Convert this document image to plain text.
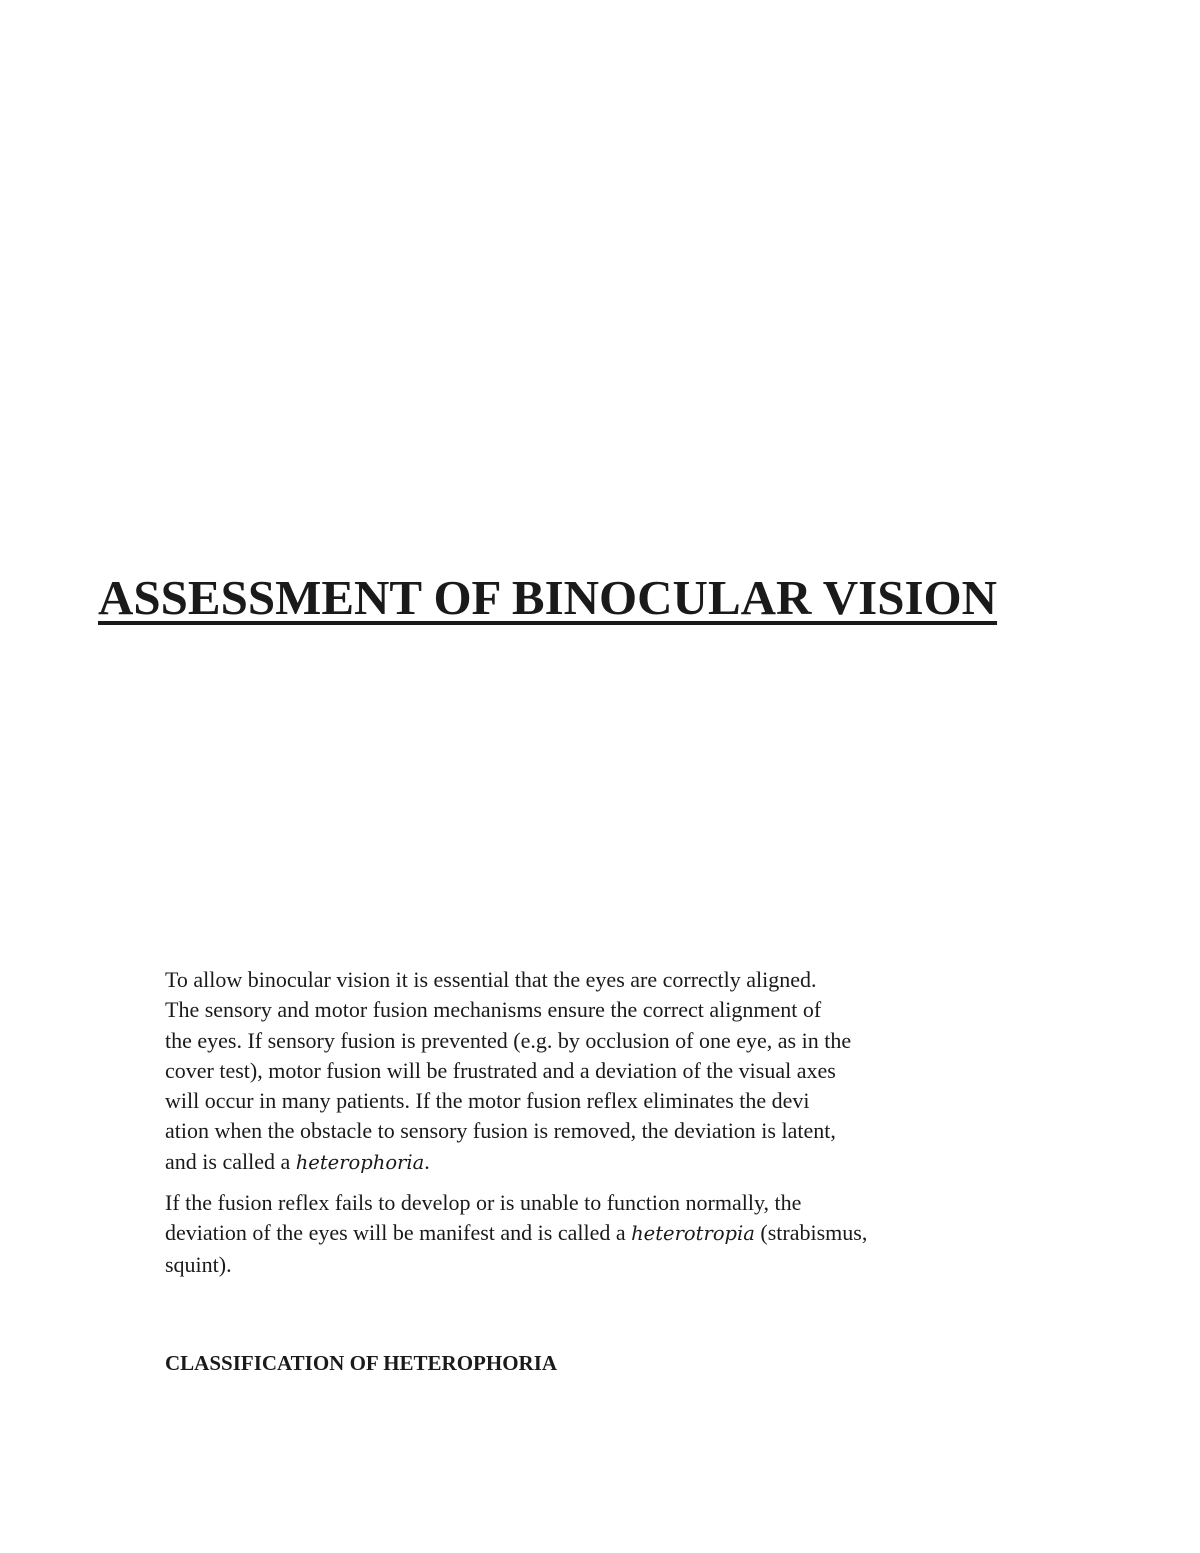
ASSESSMENT OF BINOCULAR VISION

To allow binocular vision it is essential that the eyes are correctly aligned.
The sensory and motor fusion mechanisms ensure the correct alignment of
the eyes. If sensory fusion is prevented (e.g. by occlusion of one eye, as in the
cover test), motor fusion will be frustrated and a deviation of the visual axes
will occur in many patients. If the motor fusion reflex eliminates the devi
ation when the obstacle to sensory fusion is removed, the deviation is latent,
and is called a heterophoria.

If the fusion reflex fails to develop or is unable to function normally, the
deviation of the eyes will be manifest and is called a heterotropia (strabismus,
squint).

CLASSIFICATION OF HETEROPHORIA
